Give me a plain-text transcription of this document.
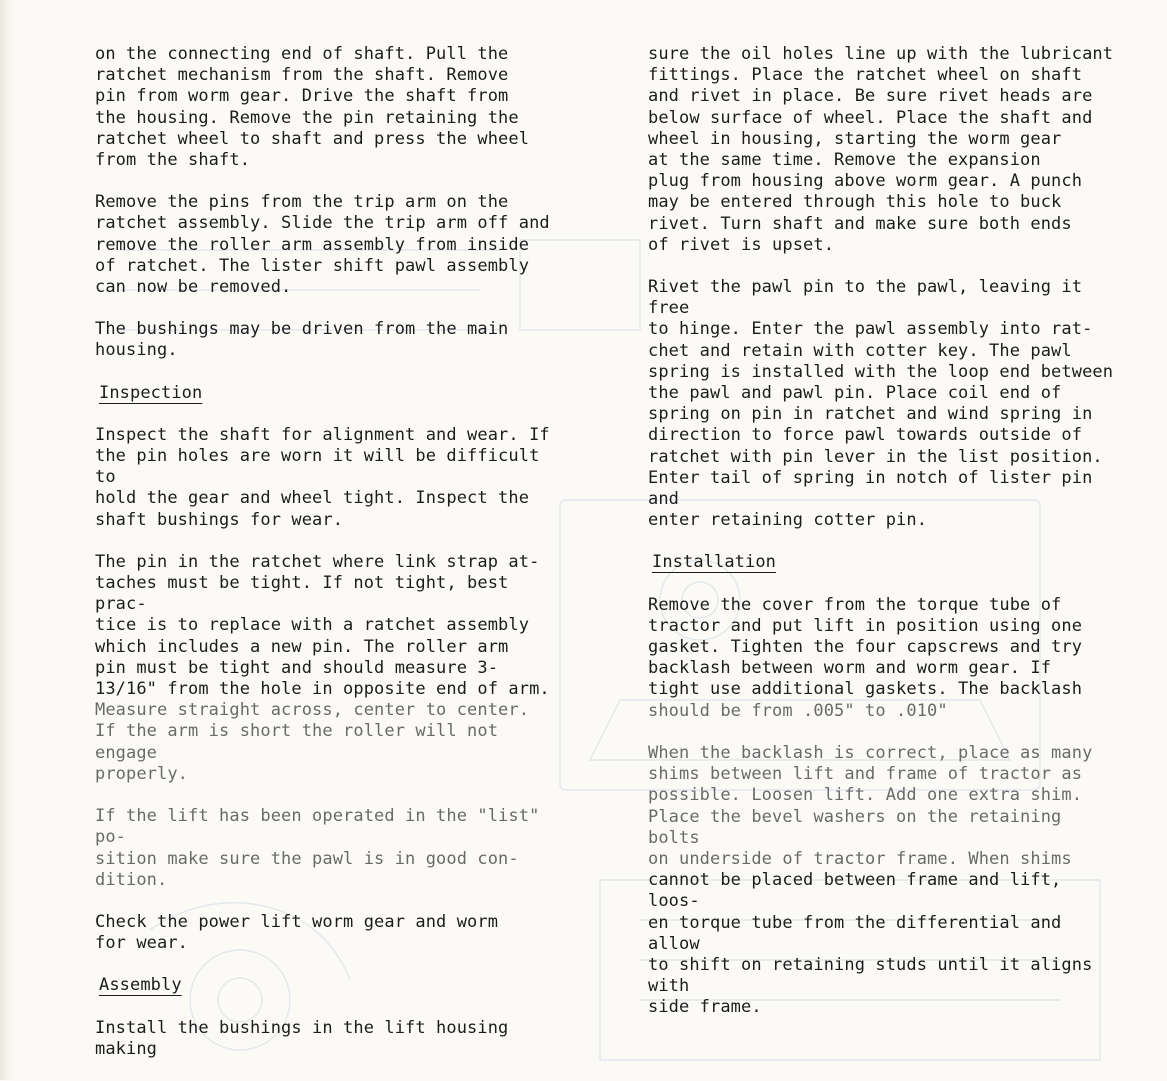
on the connecting end of shaft. Pull the
ratchet mechanism from the shaft. Remove
pin from worm gear. Drive the shaft from
the housing. Remove the pin retaining the
ratchet wheel to shaft and press the wheel
from the shaft.

Remove the pins from the trip arm on the
ratchet assembly. Slide the trip arm off and
remove the roller arm assembly from inside
of ratchet. The lister shift pawl assembly
can now be removed.

The bushings may be driven from the main
housing.

Inspection

Inspect the shaft for alignment and wear. If
the pin holes are worn it will be difficult to
hold the gear and wheel tight. Inspect the
shaft bushings for wear.

The pin in the ratchet where link strap at-
taches must be tight. If not tight, best prac-
tice is to replace with a ratchet assembly
which includes a new pin. The roller arm
pin must be tight and should measure 3-
13/16" from the hole in opposite end of arm.

Measure straight across, center to center.
If the arm is short the roller will not engage
properly.

If the lift has been operated in the "list" po-
sition make sure the pawl is in good con-
dition.

Check the power lift worm gear and worm
for wear.

Assembly

Install the bushings in the lift housing making

sure the oil holes line up with the lubricant
fittings. Place the ratchet wheel on shaft
and rivet in place. Be sure rivet heads are
below surface of wheel. Place the shaft and
wheel in housing, starting the worm gear
at the same time. Remove the expansion
plug from housing above worm gear. A punch
may be entered through this hole to buck
rivet. Turn shaft and make sure both ends
of rivet is upset.

Rivet the pawl pin to the pawl, leaving it free
to hinge. Enter the pawl assembly into rat-
chet and retain with cotter key. The pawl
spring is installed with the loop end between
the pawl and pawl pin. Place coil end of
spring on pin in ratchet and wind spring in
direction to force pawl towards outside of
ratchet with pin lever in the list position.
Enter tail of spring in notch of lister pin and
enter retaining cotter pin.

Installation

Remove the cover from the torque tube of
tractor and put lift in position using one
gasket. Tighten the four capscrews and try
backlash between worm and worm gear. If
tight use additional gaskets. The backlash

should be from .005" to .010"

When the backlash is correct, place as many
shims between lift and frame of tractor as
possible. Loosen lift. Add one extra shim.
Place the bevel washers on the retaining bolts
on underside of tractor frame. When shims

cannot be placed between frame and lift, loos-
en torque tube from the differential and allow
to shift on retaining studs until it aligns with
side frame.
